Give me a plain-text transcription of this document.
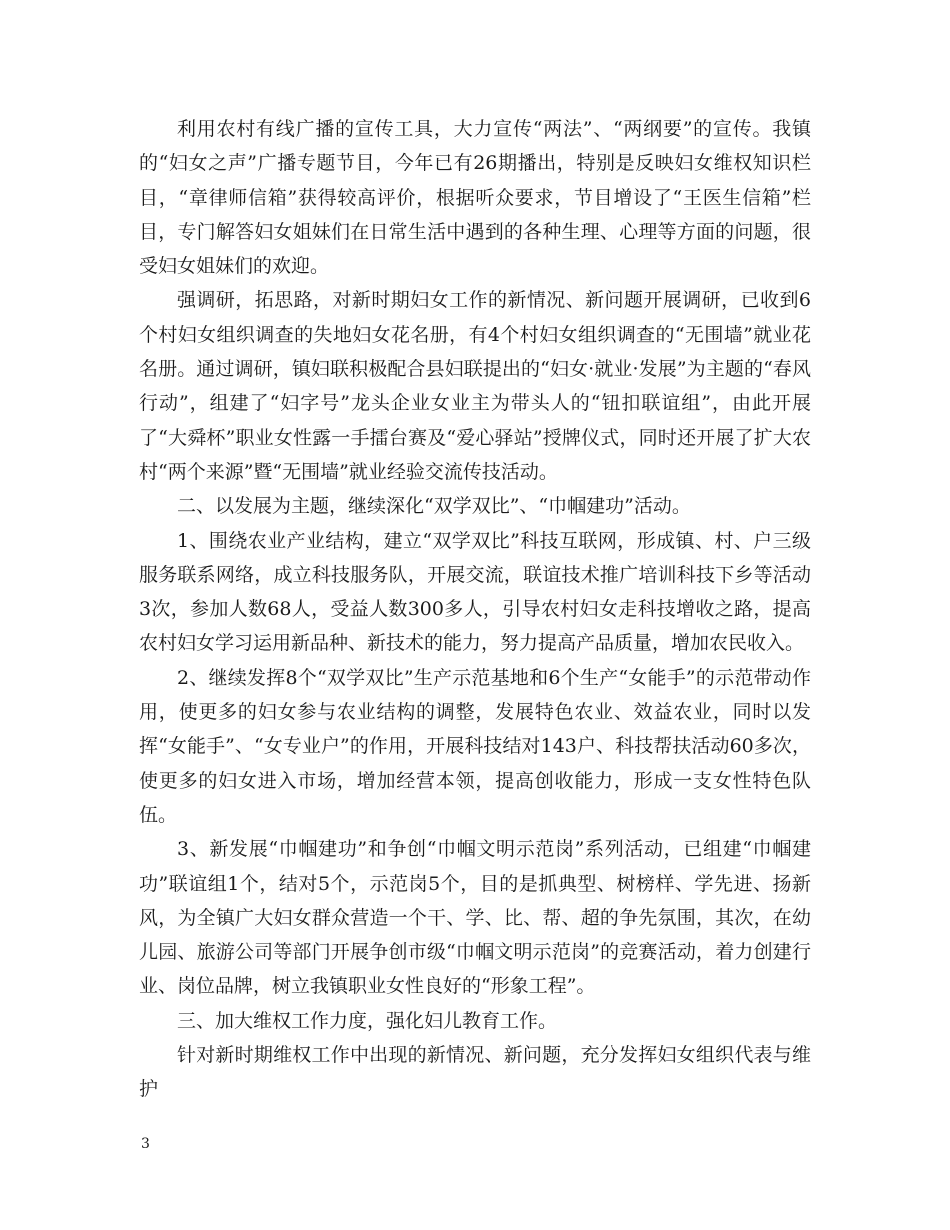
利用农村有线广播的宣传工具，大力宣传“两法”、“两纲要”的宣传。我镇的“妇女之声”广播专题节目，今年已有26期播出，特别是反映妇女维权知识栏目，“章律师信箱”获得较高评价，根据听众要求，节目增设了“王医生信箱”栏目，专门解答妇女姐妹们在日常生活中遇到的各种生理、心理等方面的问题，很受妇女姐妹们的欢迎。

强调研，拓思路，对新时期妇女工作的新情况、新问题开展调研，已收到6个村妇女组织调查的失地妇女花名册，有4个村妇女组织调查的“无围墙”就业花名册。通过调研，镇妇联积极配合县妇联提出的“妇女·就业·发展”为主题的“春风行动”，组建了“妇字号”龙头企业女业主为带头人的“钮扣联谊组”，由此开展了“大舜杯”职业女性露一手擂台赛及“爱心驿站”授牌仪式，同时还开展了扩大农村“两个来源”暨“无围墙”就业经验交流传技活动。

二、以发展为主题，继续深化“双学双比”、“巾帼建功”活动。

1、围绕农业产业结构，建立“双学双比”科技互联网，形成镇、村、户三级服务联系网络，成立科技服务队，开展交流，联谊技术推广培训科技下乡等活动3次，参加人数68人，受益人数300多人，引导农村妇女走科技增收之路，提高农村妇女学习运用新品种、新技术的能力，努力提高产品质量，增加农民收入。

2、继续发挥8个“双学双比”生产示范基地和6个生产“女能手”的示范带动作用，使更多的妇女参与农业结构的调整，发展特色农业、效益农业，同时以发挥“女能手”、“女专业户”的作用，开展科技结对143户、科技帮扶活动60多次，使更多的妇女进入市场，增加经营本领，提高创收能力，形成一支女性特色队伍。

3、新发展“巾帼建功”和争创“巾帼文明示范岗”系列活动，已组建“巾帼建功”联谊组1个，结对5个，示范岗5个，目的是抓典型、树榜样、学先进、扬新风，为全镇广大妇女群众营造一个干、学、比、帮、超的争先氛围，其次，在幼儿园、旅游公司等部门开展争创市级“巾帼文明示范岗”的竞赛活动，着力创建行业、岗位品牌，树立我镇职业女性良好的“形象工程”。

三、加大维权工作力度，强化妇儿教育工作。

针对新时期维权工作中出现的新情况、新问题，充分发挥妇女组织代表与维护

3
